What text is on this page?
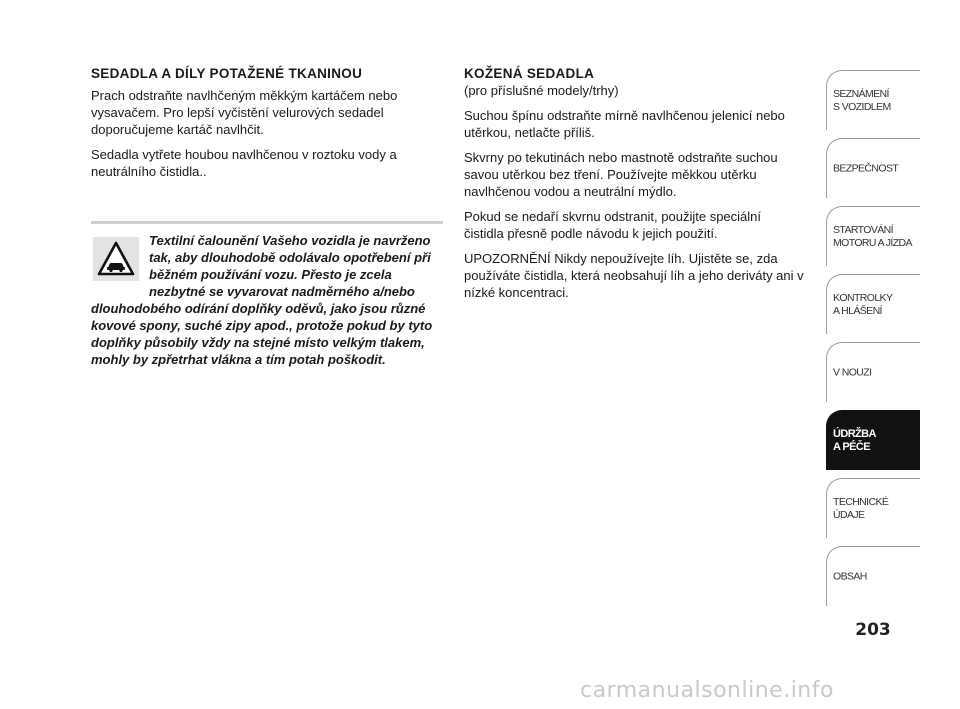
SEDADLA A DÍLY POTAŽENÉ TKANINOU

Prach odstraňte navlhčeným měkkým kartáčem nebo vysavačem. Pro lepší vyčistění velurových sedadel doporučujeme kartáč navlhčit.

Sedadla vytřete houbou navlhčenou v roztoku vody a neutrálního čistidla..

Textilní čalounění Vašeho vozidla je navrženo tak, aby dlouhodobě odolávalo opotřebení při běžném používání vozu. Přesto je zcela nezbytné se vyvarovat nadměrného a/nebo dlouhodobého odírání doplňky oděvů, jako jsou různé kovové spony, suché zipy apod., protože pokud by tyto doplňky působily vždy na stejné místo velkým tlakem, mohly by zpřetrhat vlákna a tím potah poškodit.
KOŽENÁ SEDADLA
(pro příslušné modely/trhy)

Suchou špínu odstraňte mírně navlhčenou jelenicí nebo utěrkou, netlačte příliš.

Skvrny po tekutinách nebo mastnotě odstraňte suchou savou utěrkou bez tření. Používejte měkkou utěrku navlhčenou vodou a neutrální mýdlo.

Pokud se nedaří skvrnu odstranit, použijte speciální čistidla přesně podle návodu k jejich použití.

UPOZORNĚNÍ Nikdy nepoužívejte líh. Ujistěte se, zda používáte čistidla, která neobsahují líh a jeho deriváty ani v nízké koncentraci.

SEZNÁMENÍ
S VOZIDLEM
BEZPEČNOST
STARTOVÁNÍ
MOTORU A JÍZDA
KONTROLKY
A HLÁŠENÍ
V NOUZI
ÚDRŽBA
A PÉČE
TECHNICKÉ
ÚDAJE
OBSAH
203
carmanualsonline.info
